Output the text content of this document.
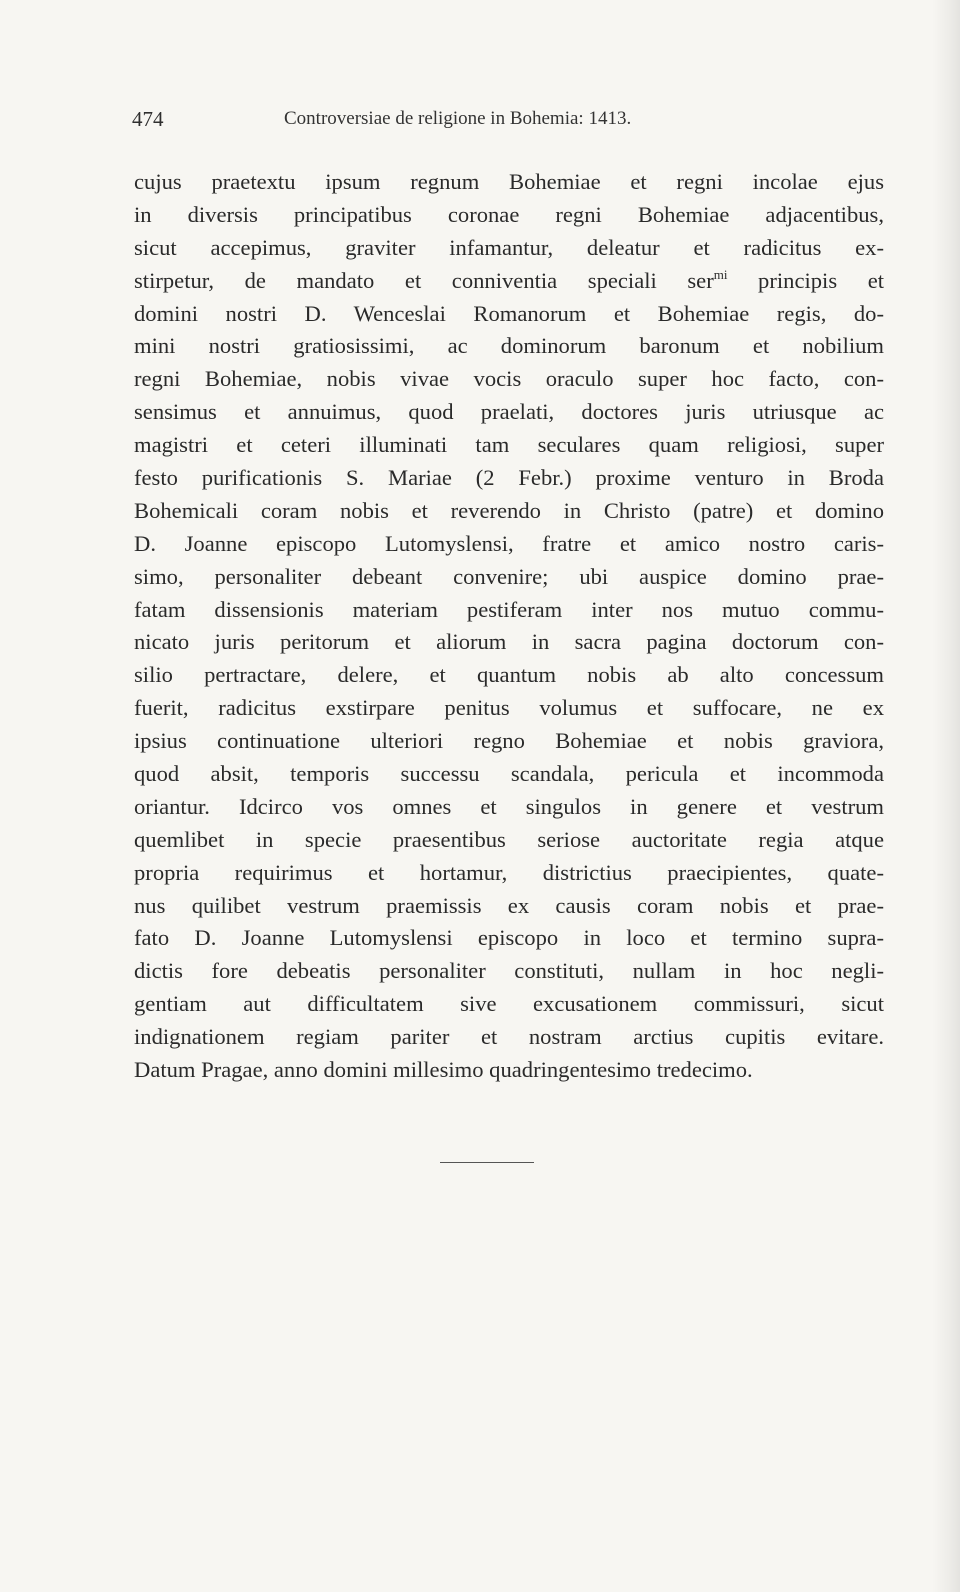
474	Controversiae de religione in Bohemia: 1413.
cujus praetextu ipsum regnum Bohemiae et regni incolae ejus
in diversis principatibus coronae regni Bohemiae adjacentibus,
sicut accepimus, graviter infamantur, deleatur et radicitus ex-
stirpetur, de mandato et conniventia speciali ser$^{mi}$ principis et
domini nostri D. Wenceslai Romanorum et Bohemiae regis, do-
mini nostri gratiosissimi, ac dominorum baronum et nobilium
regni Bohemiae, nobis vivae vocis oraculo super hoc facto, con-
sensimus et annuimus, quod praelati, doctores juris utriusque ac
magistri et ceteri illuminati tam seculares quam religiosi, super
festo purificationis S. Mariae (2 Febr.) proxime venturo in Broda
Bohemicali coram nobis et reverendo in Christo (patre) et domino
D. Joanne episcopo Lutomyslensi, fratre et amico nostro caris-
simo, personaliter debeant convenire; ubi auspice domino prae-
fatam dissensionis materiam pestiferam inter nos mutuo commu-
nicato juris peritorum et aliorum in sacra pagina doctorum con-
silio pertractare, delere, et quantum nobis ab alto concessum
fuerit, radicitus exstirpare penitus volumus et suffocare, ne ex
ipsius continuatione ulteriori regno Bohemiae et nobis graviora,
quod absit, temporis successu scandala, pericula et incommoda
oriantur. Idcirco vos omnes et singulos in genere et vestrum
quemlibet in specie praesentibus seriose auctoritate regia atque
propria requirimus et hortamur, districtius praecipientes, quate-
nus quilibet vestrum praemissis ex causis coram nobis et prae-
fato D. Joanne Lutomyslensi episcopo in loco et termino supra-
dictis fore debeatis personaliter constituti, nullam in hoc negli-
gentiam aut difficultatem sive excusationem commissuri, sicut
indignationem regiam pariter et nostram arctius cupitis evitare.
Datum Pragae, anno domini millesimo quadringentesimo tredecimo.
